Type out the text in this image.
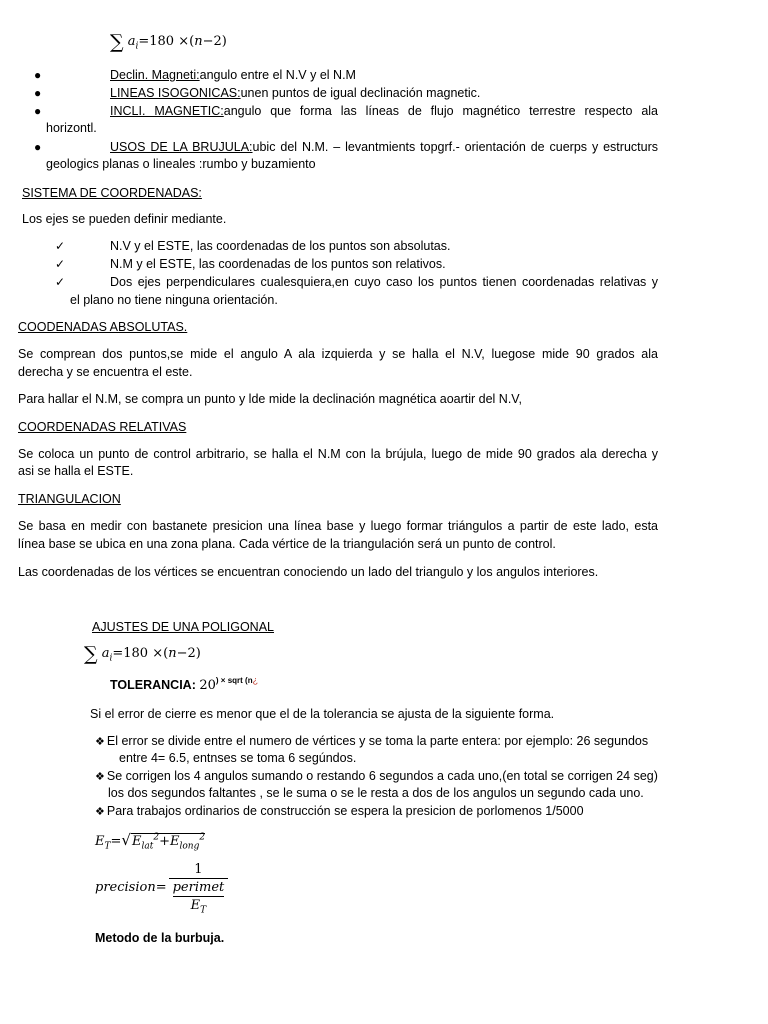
∑ $a_i=180 \times(n-2)$
●	Declin. Magneti:angulo entre el N.V y el N.M
●	LINEAS ISOGONICAS:unen puntos de igual declinación magnetic.
●	INCLI. MAGNETIC:angulo que forma las líneas de flujo magnético terrestre respecto ala
horizontl.
●	USOS DE LA BRUJULA:ubic del N.M. – levantmients topgrf.- orientación de cuerps y estructurs
geologics planas o lineales :rumbo y buzamiento
SISTEMA DE COORDENADAS:
Los ejes se pueden definir mediante.
✓	N.V y el ESTE, las coordenadas de los puntos son absolutas.
✓	N.M y el ESTE, las coordenadas de los puntos son relativos.
✓	Dos ejes perpendiculares cualesquiera,en cuyo caso los puntos tienen coordenadas relativas y
el plano no tiene ninguna orientación.
COODENADAS ABSOLUTAS.
Se comprean dos puntos,se mide el angulo A ala izquierda y se halla el N.V, luegose mide 90 grados ala
derecha y se encuentra el este.
Para hallar el N.M, se compra un punto y lde mide la declinación magnética aoartir del N.V,
COORDENADAS RELATIVAS
Se coloca un punto de control arbitrario, se halla el N.M con la brújula, luego de mide 90 grados ala derecha y
asi se halla el ESTE.
TRIANGULACION
Se basa en medir con bastanete presicion una línea base y luego formar triángulos a partir de este lado, esta
línea base se ubica en una zona plana. Cada vértice de la triangulación será un punto de control.
Las coordenadas de los vértices se encuentran conociendo un lado del triangulo y los angulos interiores.
AJUSTES DE UNA POLIGONAL
∑ $a_i=180 \times(n-2)$
TOLERANCIA: $20^{) \times sqrt (n¿}$
Si el error de cierre es menor que el de la tolerancia se ajusta de la siguiente forma.
❖ El error se divide entre el numero de vértices y se toma la parte entera: por ejemplo: 26 segundos
entre 4= 6.5, entnses se toma 6 segúndos.
❖ Se corrigen los 4 angulos sumando o restando 6 segundos a cada uno,(en total se corrigen 24 seg)
los dos segundos faltantes , se le suma o se le resta a dos de los angulos un segundo cada uno.
❖ Para trabajos ordinarios de construcción se espera la presicion de porlomenos 1/5000
$E_T=√E_{lat}^2+E_{long}^2$
precision= 1
perimet
$E_T$
Metodo de la burbuja.
